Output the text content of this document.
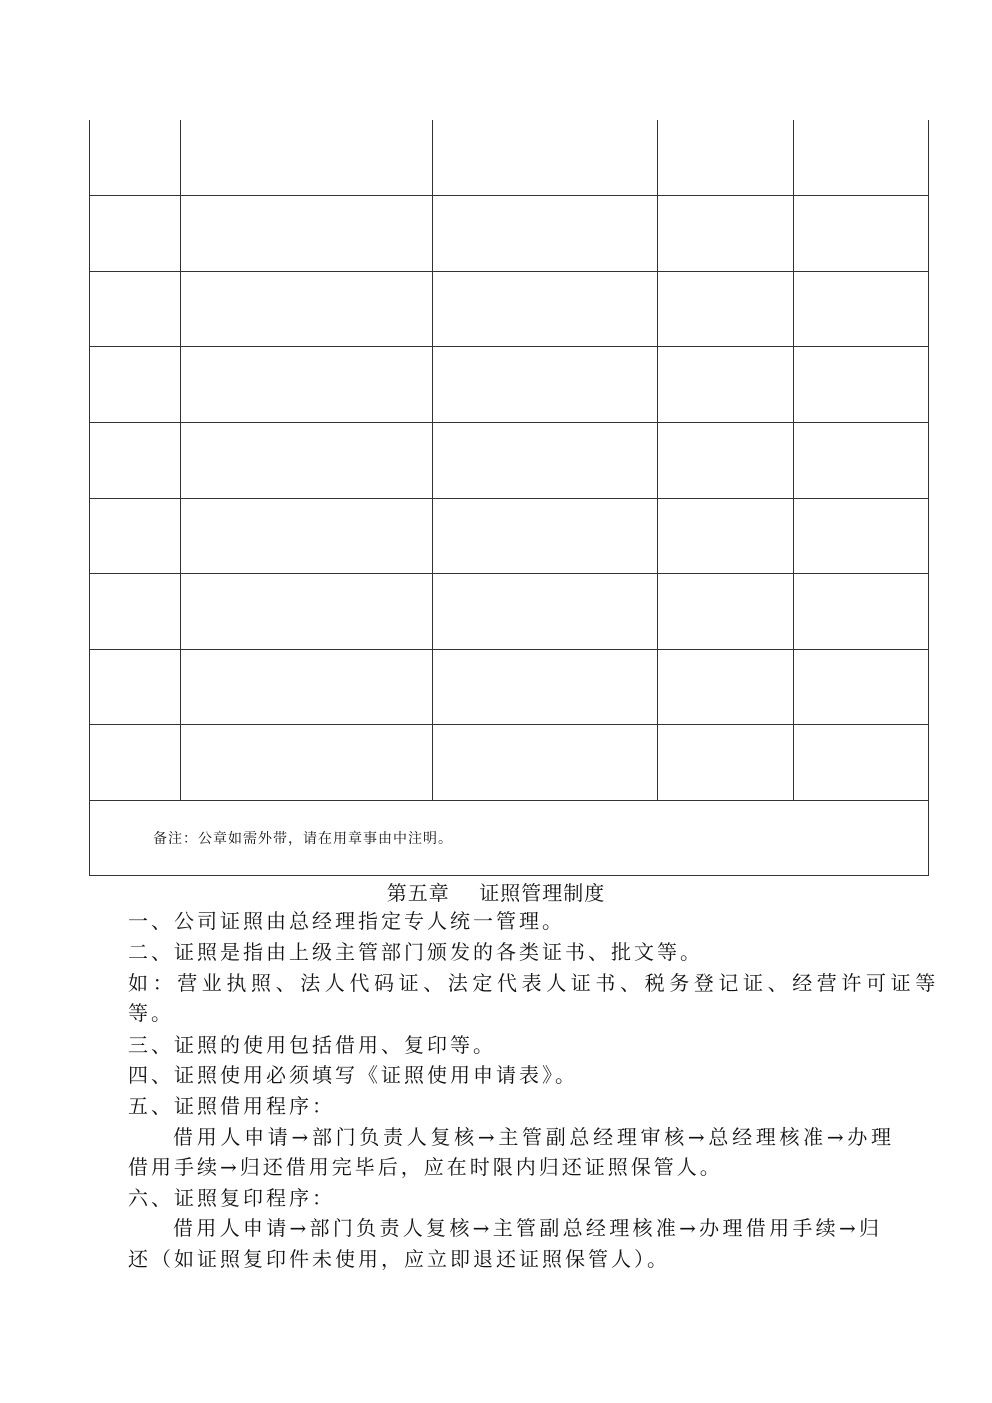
备注：公章如需外带，请在用章事由中注明。
第五章    证照管理制度
一、公司证照由总经理指定专人统一管理。
二、证照是指由上级主管部门颁发的各类证书、批文等。
如：营业执照、法人代码证、法定代表人证书、税务登记证、经营许可证等
等。
三、证照的使用包括借用、复印等。
四、证照使用必须填写《证照使用申请表》。
五、证照借用程序：
借用人申请→部门负责人复核→主管副总经理审核→总经理核准→办理
借用手续→归还借用完毕后，应在时限内归还证照保管人。
六、证照复印程序：
借用人申请→部门负责人复核→主管副总经理核准→办理借用手续→归
还（如证照复印件未使用，应立即退还证照保管人）。
